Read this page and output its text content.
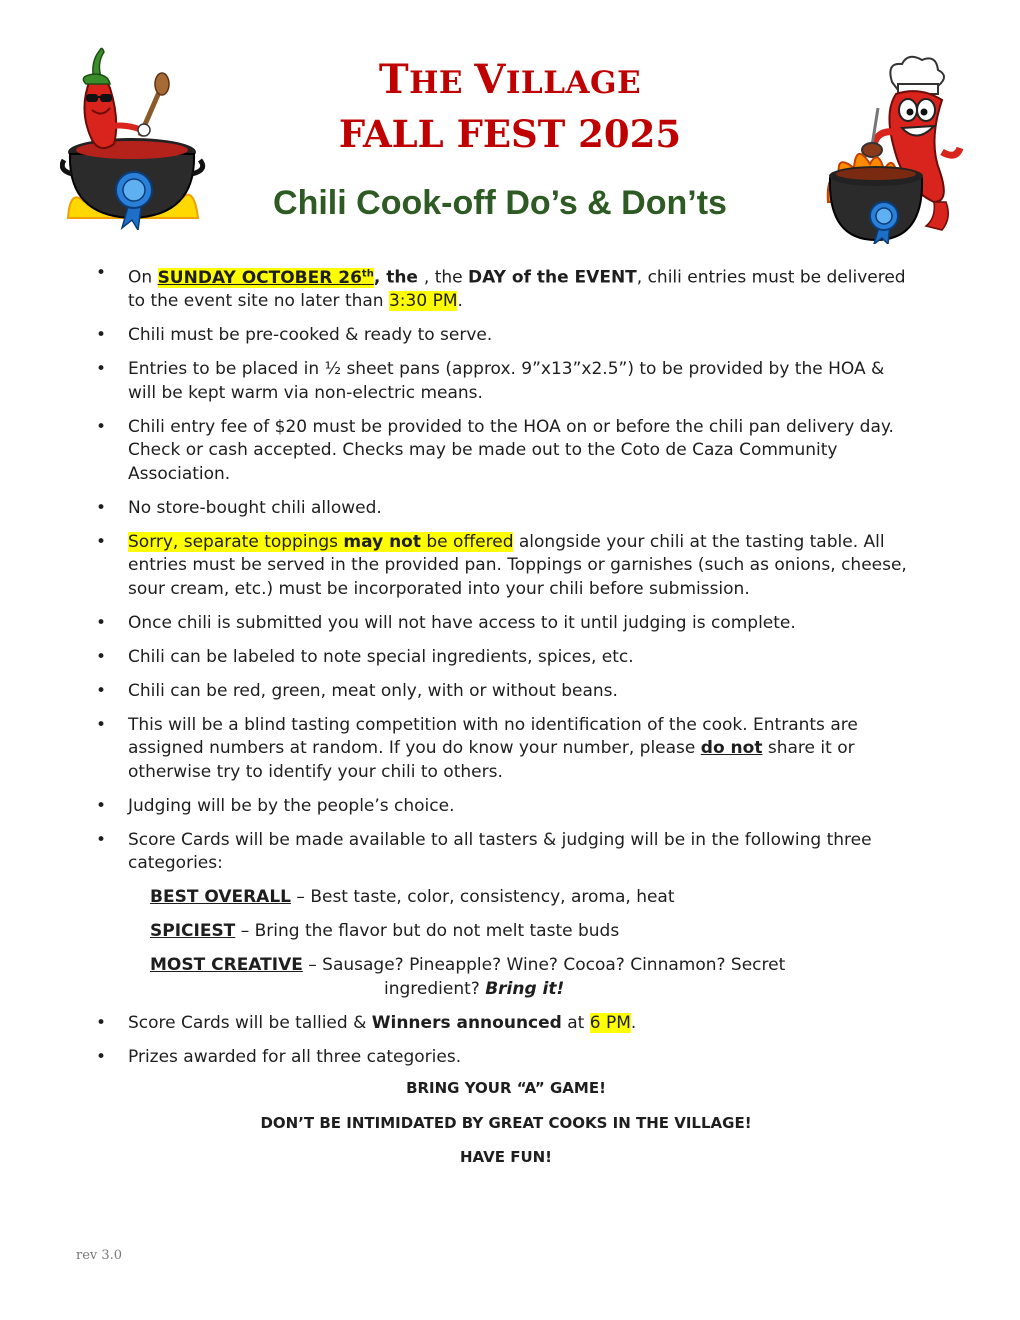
THE VILLAGE
FALL FEST 2025
Chili Cook-off Do’s & Don’ts
• On SUNDAY OCTOBER 26th, the , the DAY of the EVENT, chili entries must be delivered to the event site no later than 3:30 PM.
• Chili must be pre-cooked & ready to serve.
• Entries to be placed in ½ sheet pans (approx. 9”x13”x2.5”) to be provided by the HOA & will be kept warm via non-electric means.
• Chili entry fee of $20 must be provided to the HOA on or before the chili pan delivery day. Check or cash accepted. Checks may be made out to the Coto de Caza Community Association.
• No store-bought chili allowed.
• Sorry, separate toppings may not be offered alongside your chili at the tasting table. All entries must be served in the provided pan. Toppings or garnishes (such as onions, cheese, sour cream, etc.) must be incorporated into your chili before submission.
• Once chili is submitted you will not have access to it until judging is complete.
• Chili can be labeled to note special ingredients, spices, etc.
• Chili can be red, green, meat only, with or without beans.
• This will be a blind tasting competition with no identification of the cook. Entrants are assigned numbers at random. If you do know your number, please do not share it or otherwise try to identify your chili to others.
• Judging will be by the people’s choice.
• Score Cards will be made available to all tasters & judging will be in the following three categories:
BEST OVERALL – Best taste, color, consistency, aroma, heat
SPICIEST – Bring the flavor but do not melt taste buds
MOST CREATIVE – Sausage? Pineapple? Wine? Cocoa? Cinnamon? Secret
ingredient? Bring it!
• Score Cards will be tallied & Winners announced at 6 PM.
• Prizes awarded for all three categories.
BRING YOUR “A” GAME!
DON’T BE INTIMIDATED BY GREAT COOKS IN THE VILLAGE!
HAVE FUN!
rev 3.0
